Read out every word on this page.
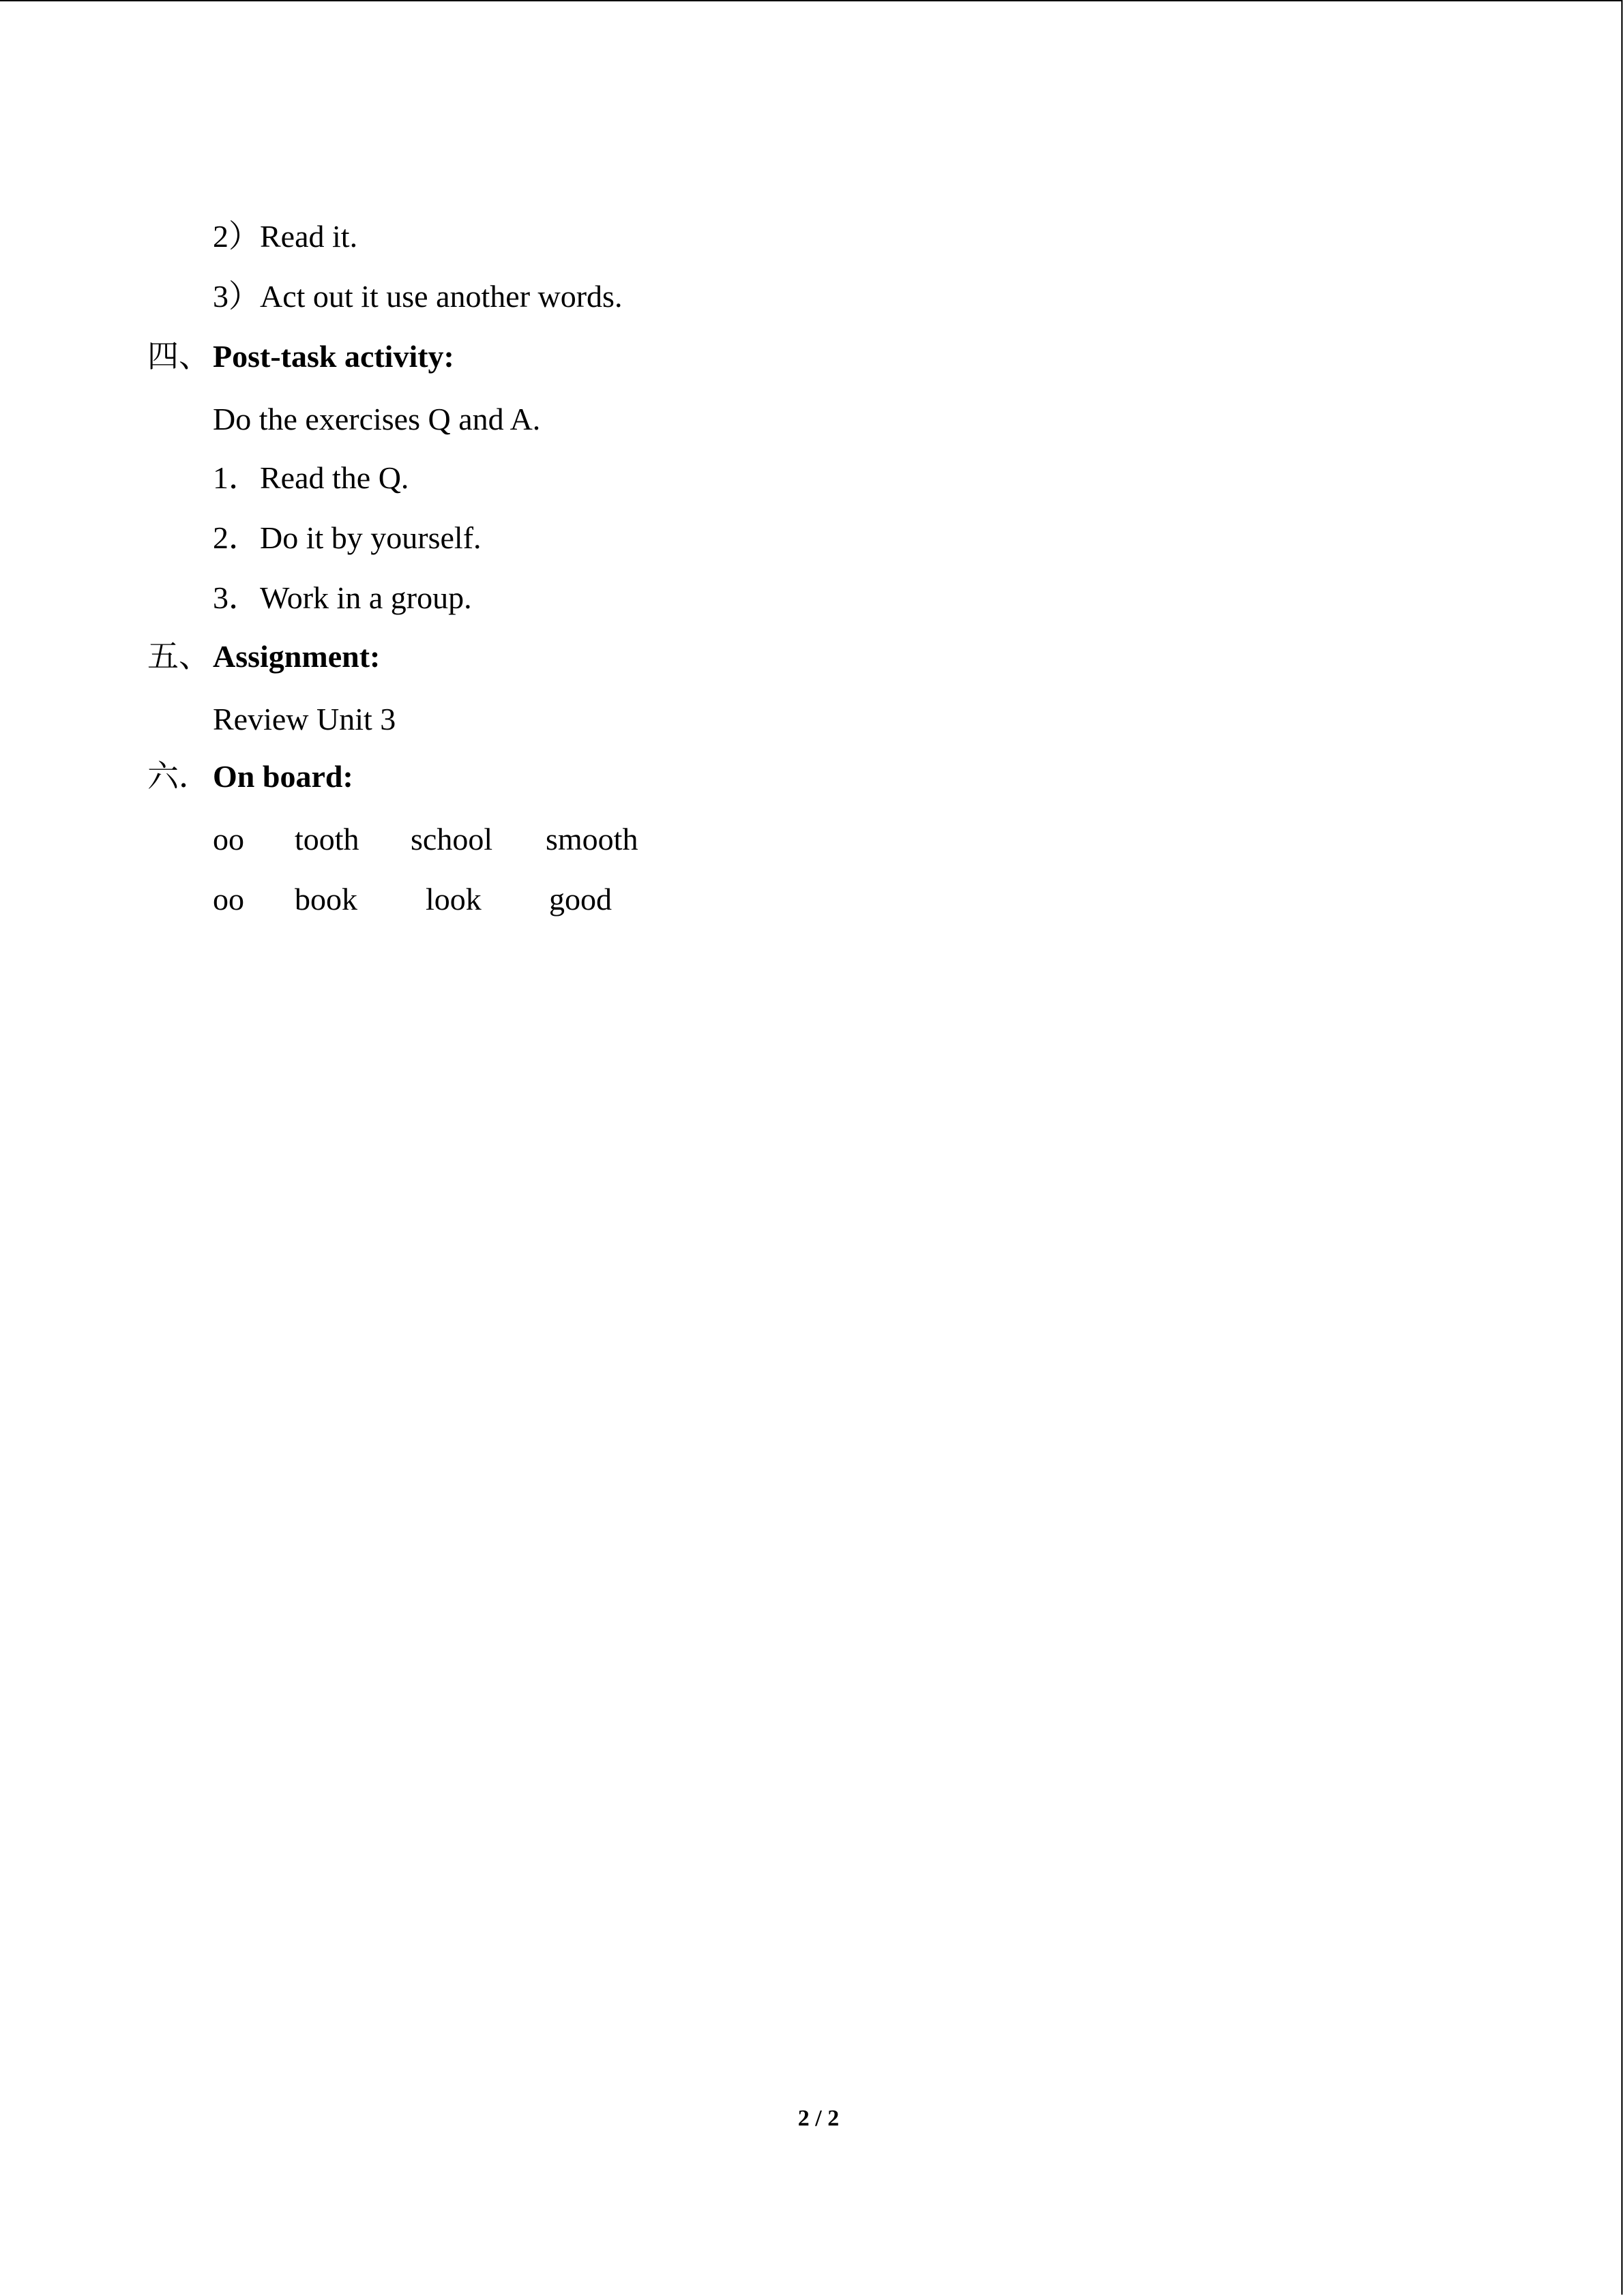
2）Read it.
3）Act out it use another words.
四、 Post-task activity:
Do the exercises Q and A.
1．Read the Q.
2．Do it by yourself.
3．Work in a group.
五、 Assignment:
Review Unit 3
六． On board:
oo tooth school smooth
oo book look good
2 / 2
